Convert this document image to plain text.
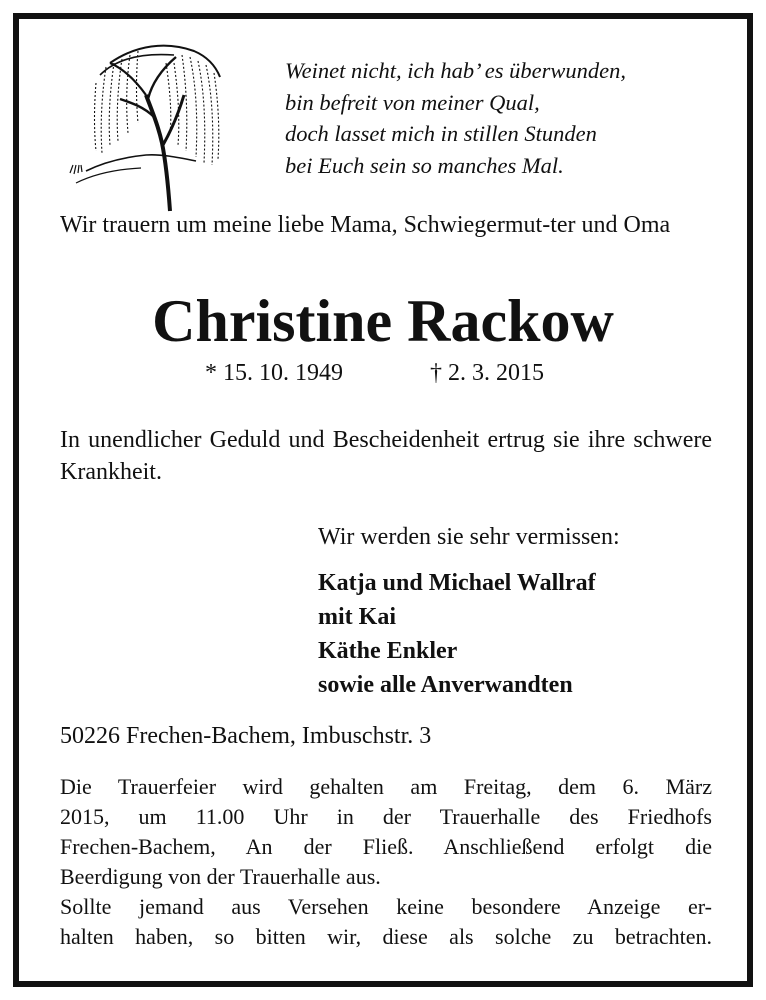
Weinet nicht, ich hab’ es überwunden,
bin befreit von meiner Qual,
doch lasset mich in stillen Stunden
bei Euch sein so manches Mal.
Wir trauern um meine liebe Mama, Schwiegermut-ter und Oma
Christine Rackow
* 15. 10. 1949	† 2. 3. 2015
In unendlicher Geduld und Bescheidenheit ertrug sie ihre schwere Krankheit.
Wir werden sie sehr vermissen:
Katja und Michael Wallraf
mit Kai
Käthe Enkler
sowie alle Anverwandten
50226 Frechen-Bachem, Imbuschstr. 3
Die Trauerfeier wird gehalten am Freitag, dem 6. März
2015, um 11.00 Uhr in der Trauerhalle des Friedhofs
Frechen-Bachem, An der Fließ. Anschließend erfolgt die
Beerdigung von der Trauerhalle aus.
Sollte jemand aus Versehen keine besondere Anzeige er-
halten haben, so bitten wir, diese als solche zu betrachten.
